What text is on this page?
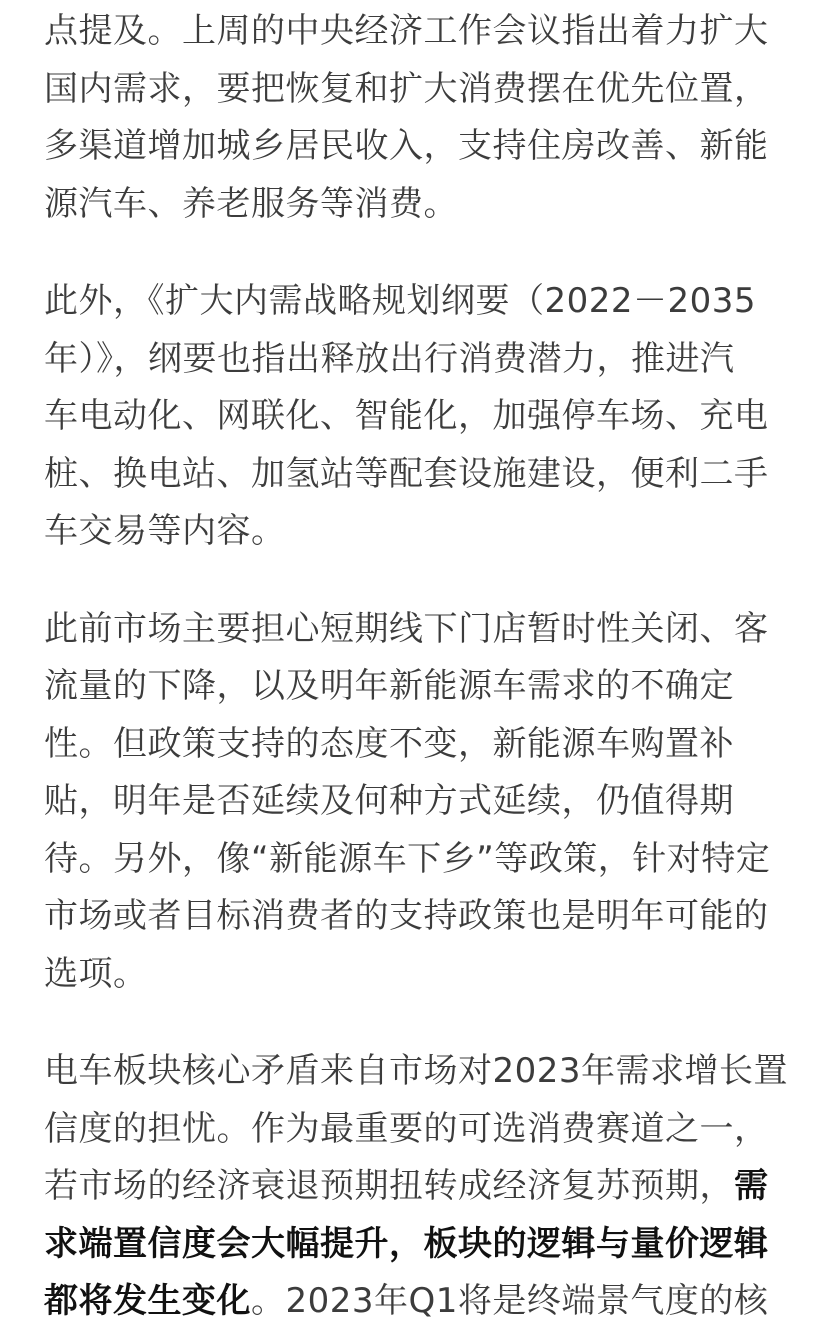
点提及。上周的中央经济工作会议指出着力扩大
国内需求，要把恢复和扩大消费摆在优先位置，
多渠道增加城乡居民收入，支持住房改善、新能
源汽车、养老服务等消费。

此外，《扩大内需战略规划纲要（2022－2035
年）》，纲要也指出释放出行消费潜力，推进汽
车电动化、网联化、智能化，加强停车场、充电
桩、换电站、加氢站等配套设施建设，便利二手
车交易等内容。

此前市场主要担心短期线下门店暂时性关闭、客
流量的下降，以及明年新能源车需求的不确定
性。但政策支持的态度不变，新能源车购置补
贴，明年是否延续及何种方式延续，仍值得期
待。另外，像“新能源车下乡”等政策，针对特定
市场或者目标消费者的支持政策也是明年可能的
选项。

电车板块核心矛盾来自市场对2023年需求增长置
信度的担忧。作为最重要的可选消费赛道之一，
若市场的经济衰退预期扭转成经济复苏预期，需
求端置信度会大幅提升，板块的逻辑与量价逻辑
都将发生变化。2023年Q1将是终端景气度的核
